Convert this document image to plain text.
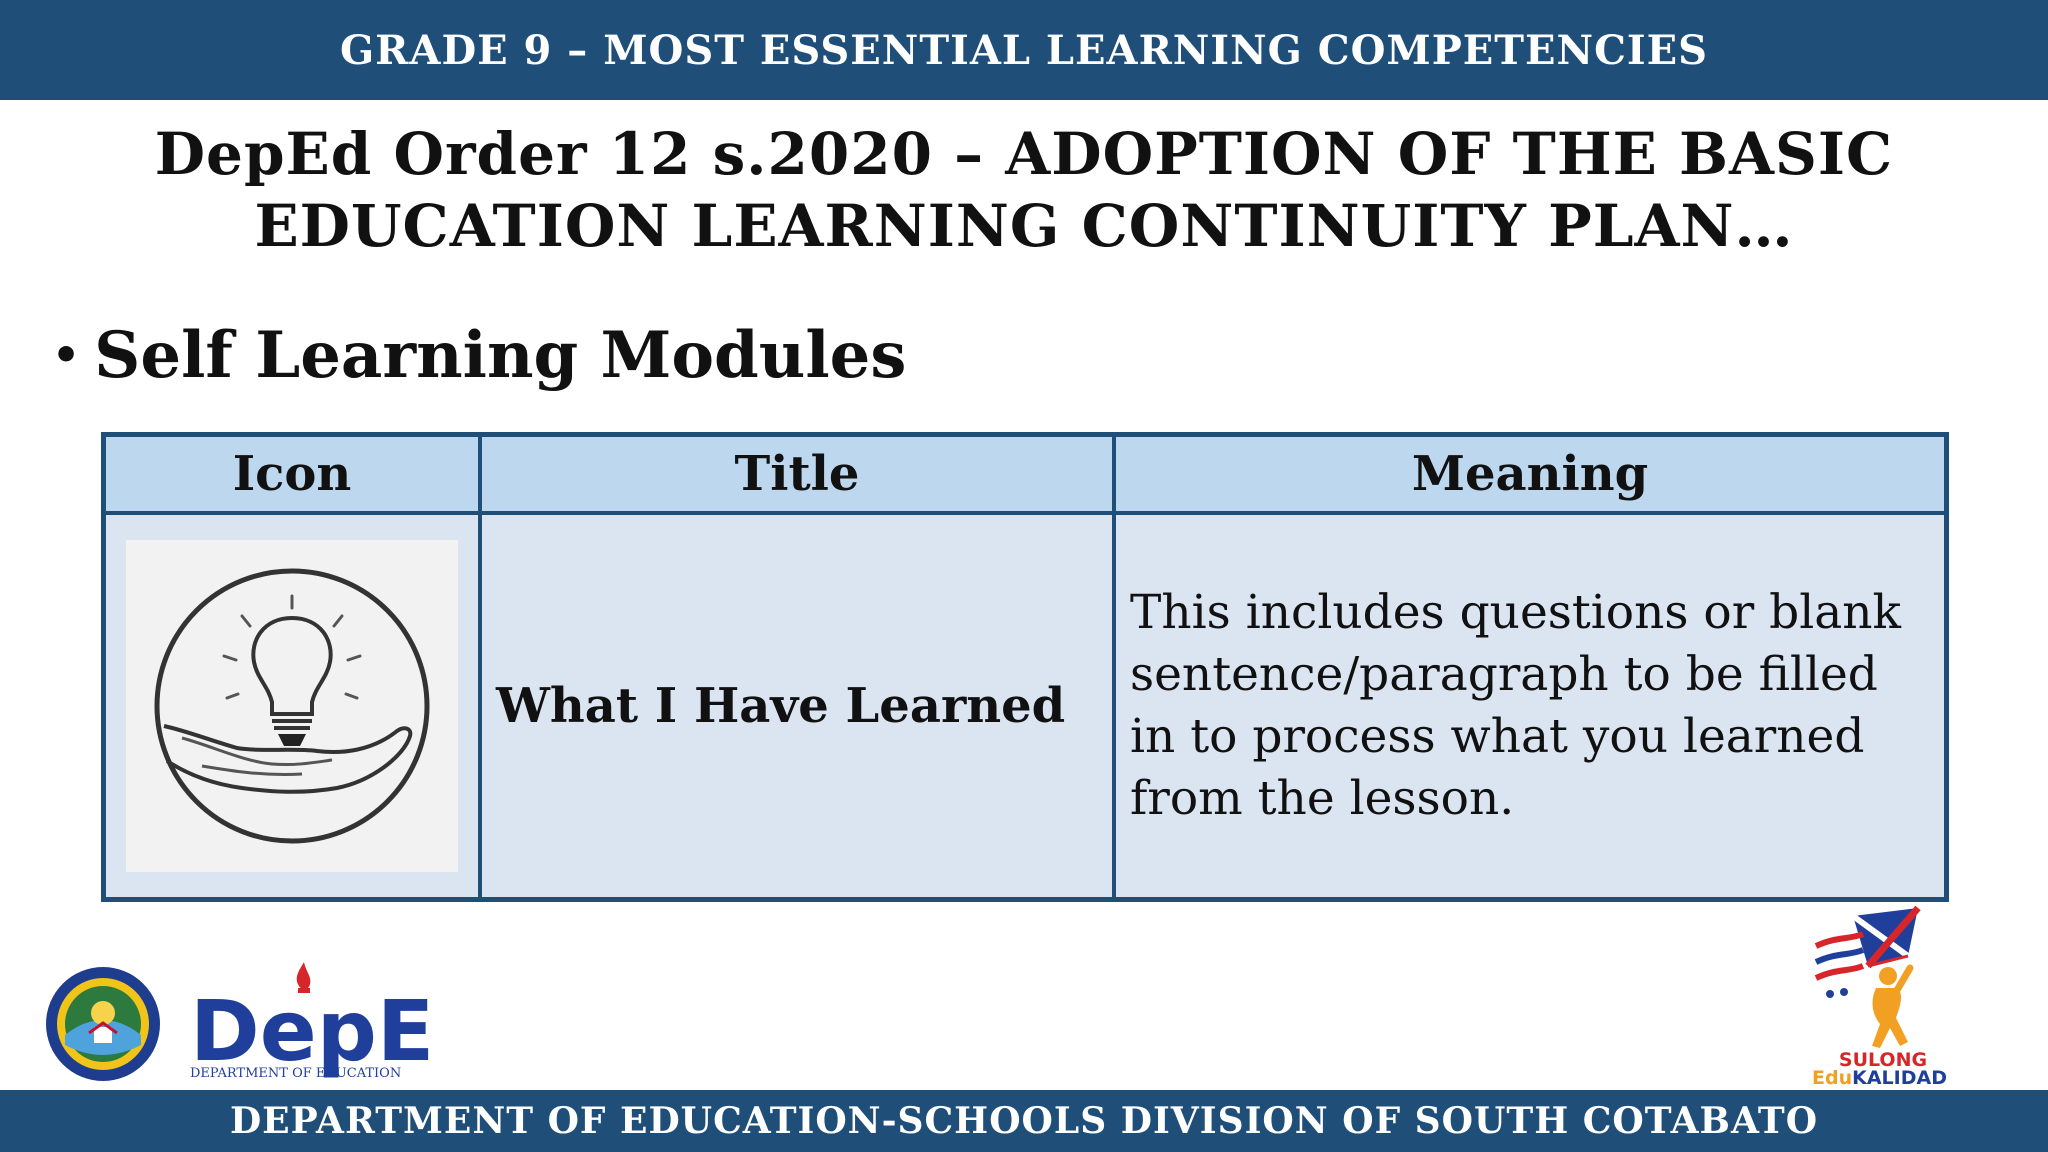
GRADE 9 – MOST ESSENTIAL LEARNING COMPETENCIES
DepEd Order 12 s.2020 – ADOPTION OF THE BASIC
EDUCATION LEARNING CONTINUITY PLAN…
• Self Learning Modules
Icon	Title	Meaning

	What I Have Learned	This includes questions or blank sentence/paragraph to be filled in to process what you learned from the lesson.
DepE
DEPARTMENT OF EDUCATION
SULONG
EduKALIDAD
DEPARTMENT OF EDUCATION-SCHOOLS DIVISION OF SOUTH COTABATO
